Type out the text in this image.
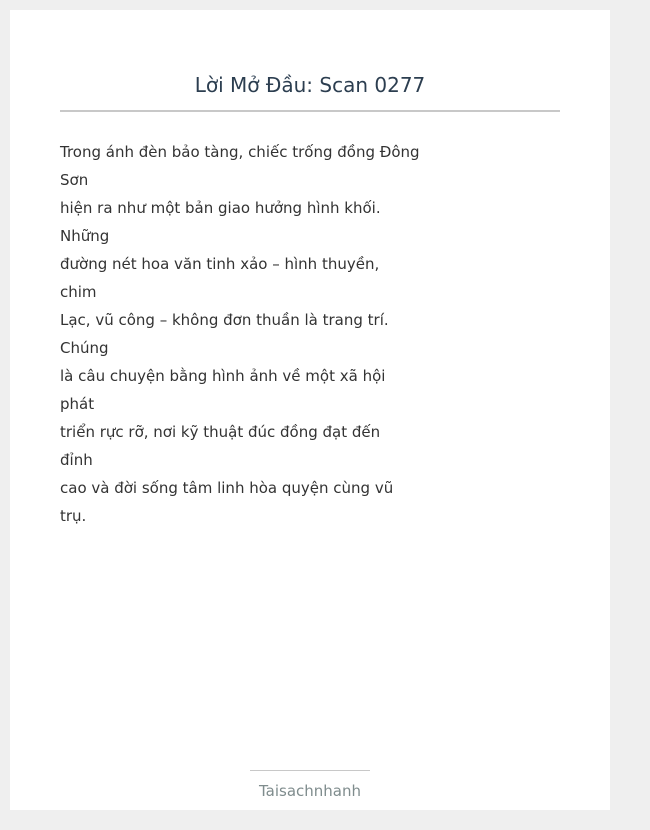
Lời Mở Đầu: Scan 0277

Trong ánh đèn bảo tàng, chiếc trống đồng Đông
Sơn
hiện ra như một bản giao hưởng hình khối.
Những
đường nét hoa văn tinh xảo – hình thuyền,
chim
Lạc, vũ công – không đơn thuần là trang trí.
Chúng
là câu chuyện bằng hình ảnh về một xã hội
phát
triển rực rỡ, nơi kỹ thuật đúc đồng đạt đến
đỉnh
cao và đời sống tâm linh hòa quyện cùng vũ
trụ.

Taisachnhanh
